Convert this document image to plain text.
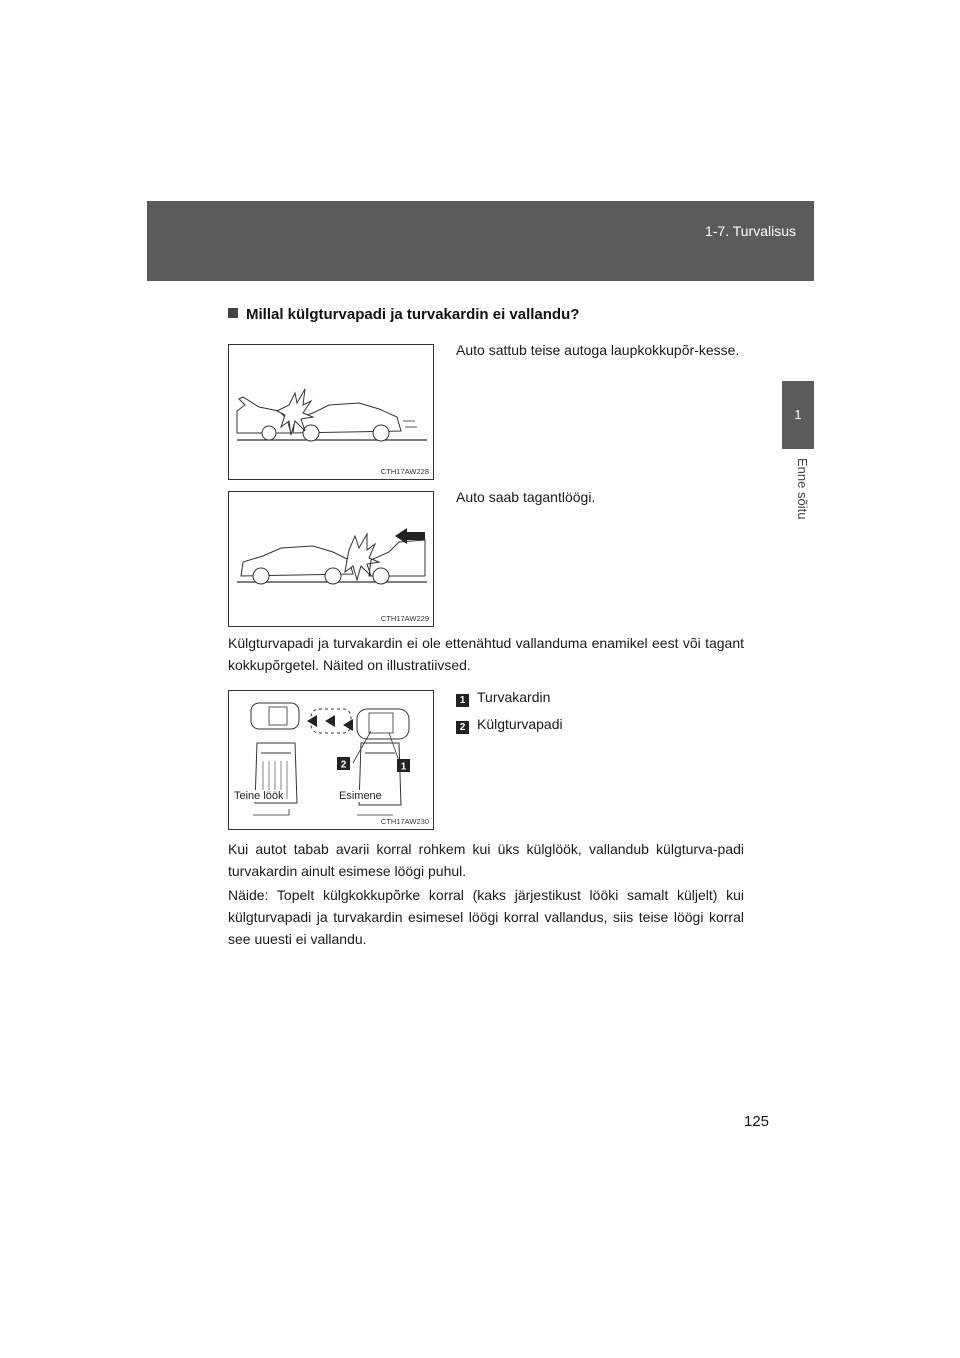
1-7. Turvalisus
1
Enne sõitu
Millal külgturvapadi ja turvakardin ei vallandu?
CTH17AW228
Auto sattub teise autoga laupkokkupõr-kesse.
CTH17AW229
Auto saab tagantlöögi.
Külgturvapadi ja turvakardin ei ole ettenähtud vallanduma enamikel eest või tagant kokkupõrgetel. Näited on illustratiivsed.
2	1
Teine löök	Esimene
CTH17AW230
1 Turvakardin
2 Külgturvapadi
Kui autot tabab avarii korral rohkem kui üks külglöök, vallandub külgturva-padi turvakardin ainult esimese löögi puhul.
Näide: Topelt külgkokkupõrke korral (kaks järjestikust lööki samalt küljelt) kui külgturvapadi ja turvakardin esimesel löögi korral vallandus, siis teise löögi korral see uuesti ei vallandu.
125
